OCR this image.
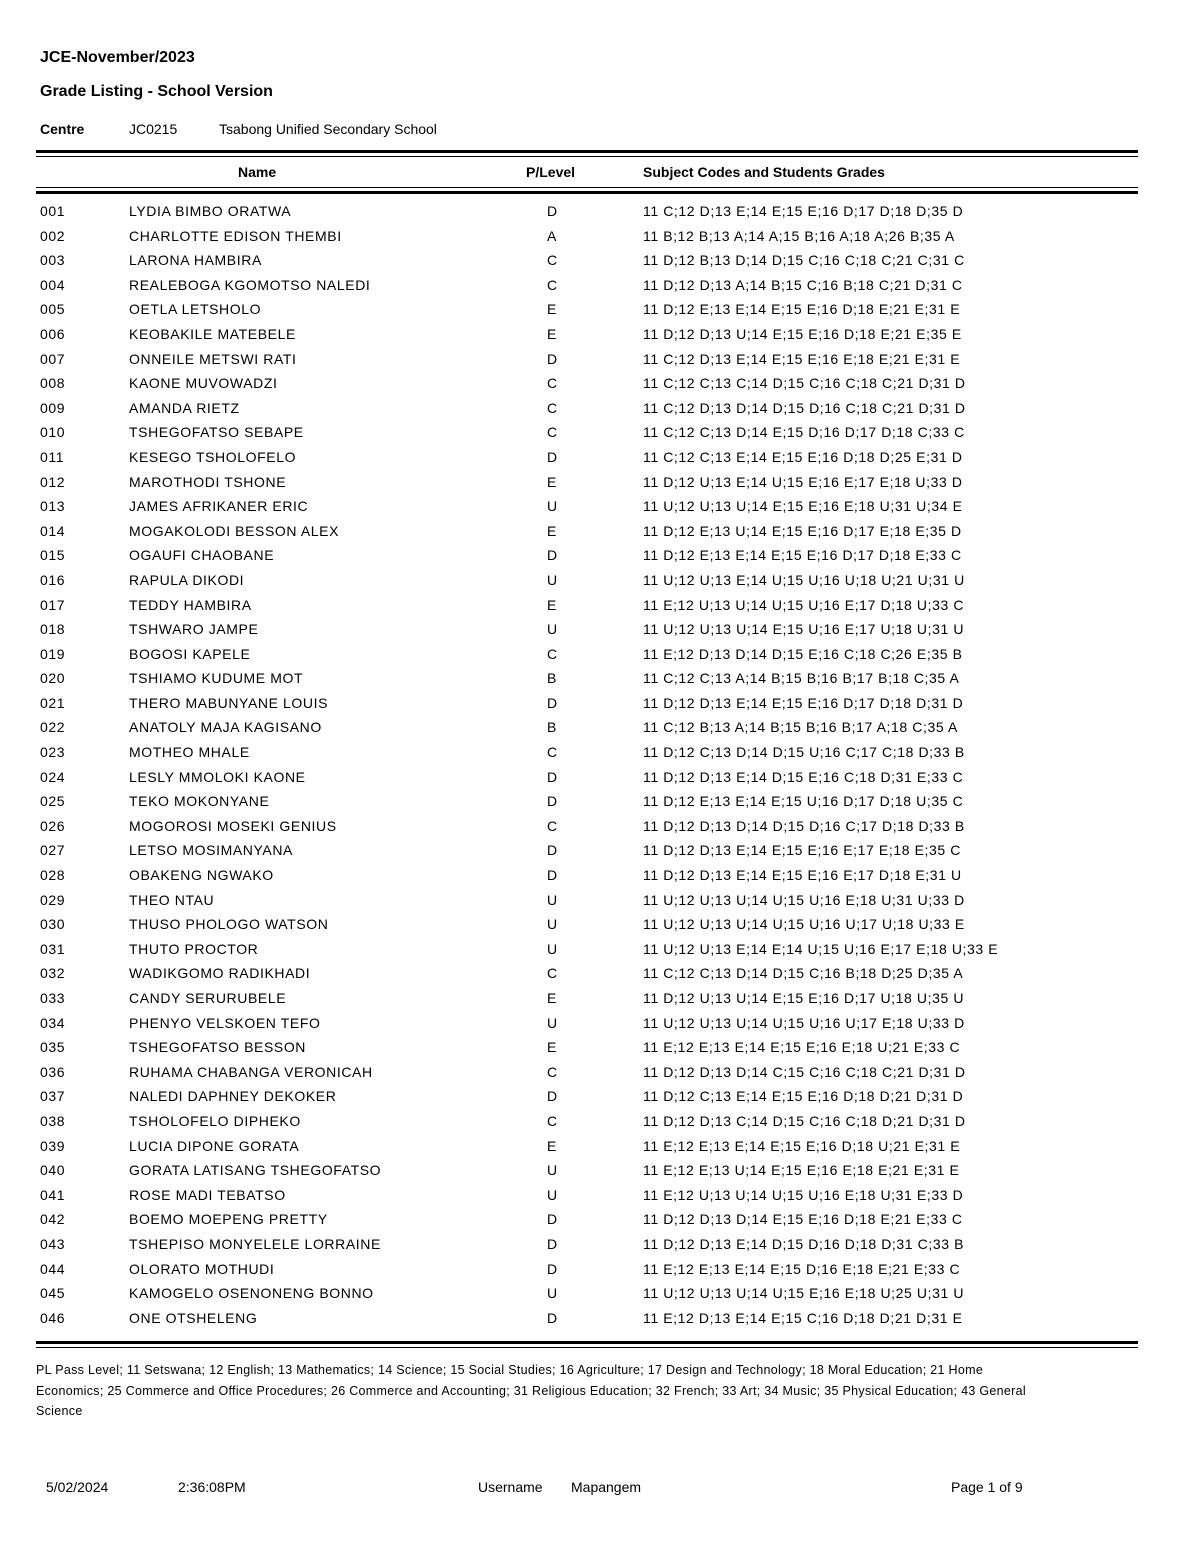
JCE-November/2023
Grade Listing - School Version
Centre	JC0215	Tsabong Unified Secondary School
Name	P/Level	Subject Codes and Students Grades
001	LYDIA BIMBO ORATWA	D	11 C;12 D;13 E;14 E;15 E;16 D;17 D;18 D;35 D
002	CHARLOTTE EDISON THEMBI	A	11 B;12 B;13 A;14 A;15 B;16 A;18 A;26 B;35 A
003	LARONA HAMBIRA	C	11 D;12 B;13 D;14 D;15 C;16 C;18 C;21 C;31 C
004	REALEBOGA KGOMOTSO NALEDI	C	11 D;12 D;13 A;14 B;15 C;16 B;18 C;21 D;31 C
005	OETLA LETSHOLO	E	11 D;12 E;13 E;14 E;15 E;16 D;18 E;21 E;31 E
006	KEOBAKILE MATEBELE	E	11 D;12 D;13 U;14 E;15 E;16 D;18 E;21 E;35 E
007	ONNEILE METSWI RATI	D	11 C;12 D;13 E;14 E;15 E;16 E;18 E;21 E;31 E
008	KAONE MUVOWADZI	C	11 C;12 C;13 C;14 D;15 C;16 C;18 C;21 D;31 D
009	AMANDA RIETZ	C	11 C;12 D;13 D;14 D;15 D;16 C;18 C;21 D;31 D
010	TSHEGOFATSO SEBAPE	C	11 C;12 C;13 D;14 E;15 D;16 D;17 D;18 C;33 C
011	KESEGO TSHOLOFELO	D	11 C;12 C;13 E;14 E;15 E;16 D;18 D;25 E;31 D
012	MAROTHODI TSHONE	E	11 D;12 U;13 E;14 U;15 E;16 E;17 E;18 U;33 D
013	JAMES AFRIKANER ERIC	U	11 U;12 U;13 U;14 E;15 E;16 E;18 U;31 U;34 E
014	MOGAKOLODI BESSON ALEX	E	11 D;12 E;13 U;14 E;15 E;16 D;17 E;18 E;35 D
015	OGAUFI CHAOBANE	D	11 D;12 E;13 E;14 E;15 E;16 D;17 D;18 E;33 C
016	RAPULA DIKODI	U	11 U;12 U;13 E;14 U;15 U;16 U;18 U;21 U;31 U
017	TEDDY HAMBIRA	E	11 E;12 U;13 U;14 U;15 U;16 E;17 D;18 U;33 C
018	TSHWARO JAMPE	U	11 U;12 U;13 U;14 E;15 U;16 E;17 U;18 U;31 U
019	BOGOSI KAPELE	C	11 E;12 D;13 D;14 D;15 E;16 C;18 C;26 E;35 B
020	TSHIAMO KUDUME MOT	B	11 C;12 C;13 A;14 B;15 B;16 B;17 B;18 C;35 A
021	THERO MABUNYANE LOUIS	D	11 D;12 D;13 E;14 E;15 E;16 D;17 D;18 D;31 D
022	ANATOLY MAJA KAGISANO	B	11 C;12 B;13 A;14 B;15 B;16 B;17 A;18 C;35 A
023	MOTHEO MHALE	C	11 D;12 C;13 D;14 D;15 U;16 C;17 C;18 D;33 B
024	LESLY MMOLOKI KAONE	D	11 D;12 D;13 E;14 D;15 E;16 C;18 D;31 E;33 C
025	TEKO MOKONYANE	D	11 D;12 E;13 E;14 E;15 U;16 D;17 D;18 U;35 C
026	MOGOROSI MOSEKI GENIUS	C	11 D;12 D;13 D;14 D;15 D;16 C;17 D;18 D;33 B
027	LETSO MOSIMANYANA	D	11 D;12 D;13 E;14 E;15 E;16 E;17 E;18 E;35 C
028	OBAKENG NGWAKO	D	11 D;12 D;13 E;14 E;15 E;16 E;17 D;18 E;31 U
029	THEO NTAU	U	11 U;12 U;13 U;14 U;15 U;16 E;18 U;31 U;33 D
030	THUSO PHOLOGO WATSON	U	11 U;12 U;13 U;14 U;15 U;16 U;17 U;18 U;33 E
031	THUTO PROCTOR	U	11 U;12 U;13 E;14 E;14 U;15 U;16 E;17 E;18 U;33 E
032	WADIKGOMO RADIKHADI	C	11 C;12 C;13 D;14 D;15 C;16 B;18 D;25 D;35 A
033	CANDY SERURUBELE	E	11 D;12 U;13 U;14 E;15 E;16 D;17 U;18 U;35 U
034	PHENYO VELSKOEN TEFO	U	11 U;12 U;13 U;14 U;15 U;16 U;17 E;18 U;33 D
035	TSHEGOFATSO BESSON	E	11 E;12 E;13 E;14 E;15 E;16 E;18 U;21 E;33 C
036	RUHAMA CHABANGA VERONICAH	C	11 D;12 D;13 D;14 C;15 C;16 C;18 C;21 D;31 D
037	NALEDI DAPHNEY DEKOKER	D	11 D;12 C;13 E;14 E;15 E;16 D;18 D;21 D;31 D
038	TSHOLOFELO DIPHEKO	C	11 D;12 D;13 C;14 D;15 C;16 C;18 D;21 D;31 D
039	LUCIA DIPONE GORATA	E	11 E;12 E;13 E;14 E;15 E;16 D;18 U;21 E;31 E
040	GORATA LATISANG TSHEGOFATSO	U	11 E;12 E;13 U;14 E;15 E;16 E;18 E;21 E;31 E
041	ROSE MADI TEBATSO	U	11 E;12 U;13 U;14 U;15 U;16 E;18 U;31 E;33 D
042	BOEMO MOEPENG PRETTY	D	11 D;12 D;13 D;14 E;15 E;16 D;18 E;21 E;33 C
043	TSHEPISO MONYELELE LORRAINE	D	11 D;12 D;13 E;14 D;15 D;16 D;18 D;31 C;33 B
044	OLORATO MOTHUDI	D	11 E;12 E;13 E;14 E;15 D;16 E;18 E;21 E;33 C
045	KAMOGELO OSENONENG BONNO	U	11 U;12 U;13 U;14 U;15 E;16 E;18 U;25 U;31 U
046	ONE OTSHELENG	D	11 E;12 D;13 E;14 E;15 C;16 D;18 D;21 D;31 E
PL Pass Level; 11 Setswana; 12 English; 13 Mathematics; 14 Science; 15 Social Studies; 16 Agriculture; 17 Design and Technology; 18 Moral Education; 21 Home Economics; 25 Commerce and Office Procedures; 26 Commerce and Accounting; 31 Religious Education; 32 French; 33 Art; 34 Music; 35 Physical Education; 43 General Science
5/02/2024	2:36:08PM	Username Mapangem	Page 1 of 9
